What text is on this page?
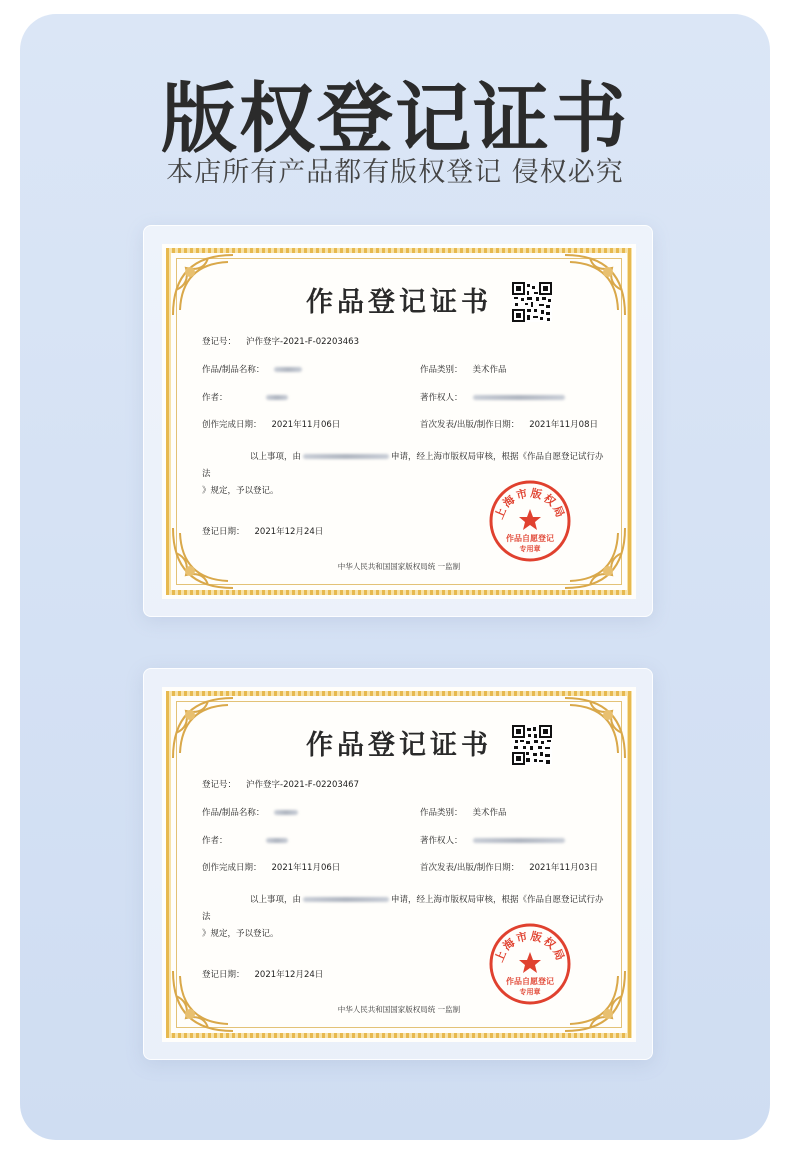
版权登记证书
本店所有产品都有版权登记 侵权必究
作品登记证书
登记号： 沪作登字-2021-F-02203463
作品/制品名称：	作品类别： 美术作品
作者：	著作权人：
创作完成日期： 2021年11月06日	首次发表/出版/制作日期： 2021年11月08日
以上事项，由	申请，经上海市版权局审核，根据《作品自愿登记试行办法
》规定，予以登记。
登记日期： 2021年12月24日
上海市版权局
作品自愿登记
专用章
中华人民共和国国家版权局统 一监制
作品登记证书
登记号： 沪作登字-2021-F-02203467
作品/制品名称：	作品类别： 美术作品
作者：	著作权人：
创作完成日期： 2021年11月06日	首次发表/出版/制作日期： 2021年11月03日
以上事项，由	申请，经上海市版权局审核，根据《作品自愿登记试行办法
》规定，予以登记。
登记日期： 2021年12月24日
上海市版权局
作品自愿登记
专用章
中华人民共和国国家版权局统 一监制
